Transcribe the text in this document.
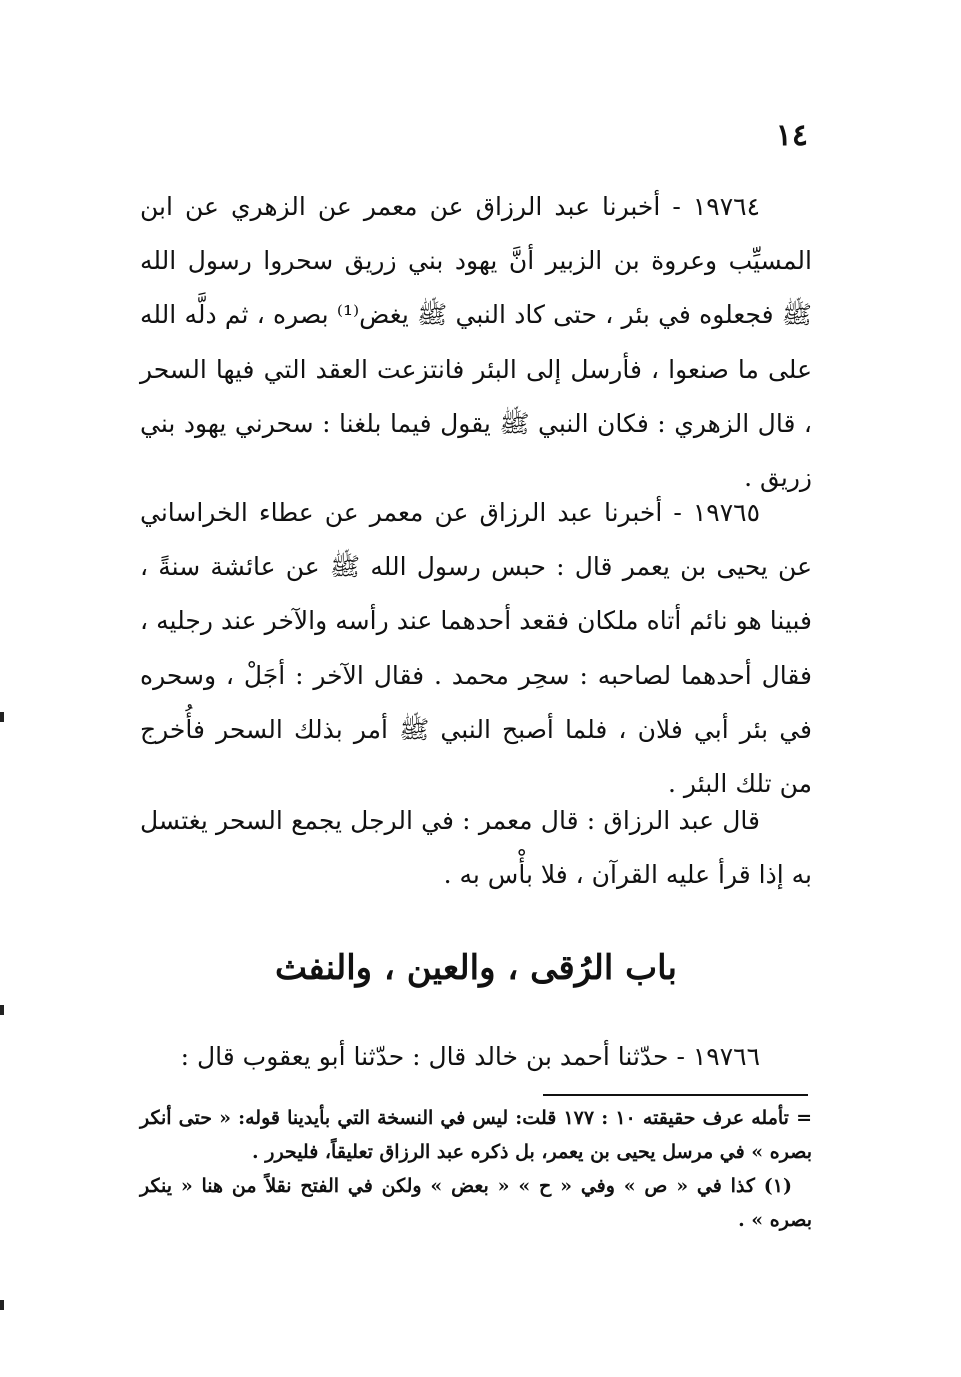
١٤

١٩٧٦٤ - أخبرنا عبد الرزاق عن معمر عن الزهري عن ابن المسيِّب وعروة بن الزبير أنَّ يهود بني زريق سحروا رسول الله ﷺ فجعلوه في بئر ، حتى كاد النبي ﷺ يغض⁽¹⁾ بصره ، ثم دلَّه الله على ما صنعوا ، فأرسل إلى البئر فانتزعت العقد التي فيها السحر ، قال الزهري : فكان النبي ﷺ يقول فيما بلغنا : سحرني يهود بني زريق .

١٩٧٦٥ - أخبرنا عبد الرزاق عن معمر عن عطاء الخراساني عن يحيى بن يعمر قال : حبس رسول الله ﷺ عن عائشة سنةً ، فبينا هو نائم أتاه ملكان فقعد أحدهما عند رأسه والآخر عند رجليه ، فقال أحدهما لصاحبه : سحِر محمد . فقال الآخر : أجَلْ ، وسحره في بئر أبي فلان ، فلما أصبح النبي ﷺ أمر بذلك السحر فأُخرج من تلك البئر .

قال عبد الرزاق : قال معمر : في الرجل يجمع السحر يغتسل به إذا قرأ عليه القرآن ، فلا بأْس به .

باب الرُقى ، والعين ، والنفث

١٩٧٦٦ - حدّثنا أحمد بن خالد قال : حدّثنا أبو يعقوب قال :

= تأمله عرف حقيقته ١٠ : ١٧٧ قلت: ليس في النسخة التي بأيدينا قوله: « حتى أنكر بصره » في مرسل يحيى بن يعمر، بل ذكره عبد الرزاق تعليقاً، فليحرر .

(١) كذا في « ص » وفي « ح » « بعض » ولكن في الفتح نقلاً من هنا « ينكر بصره » .
